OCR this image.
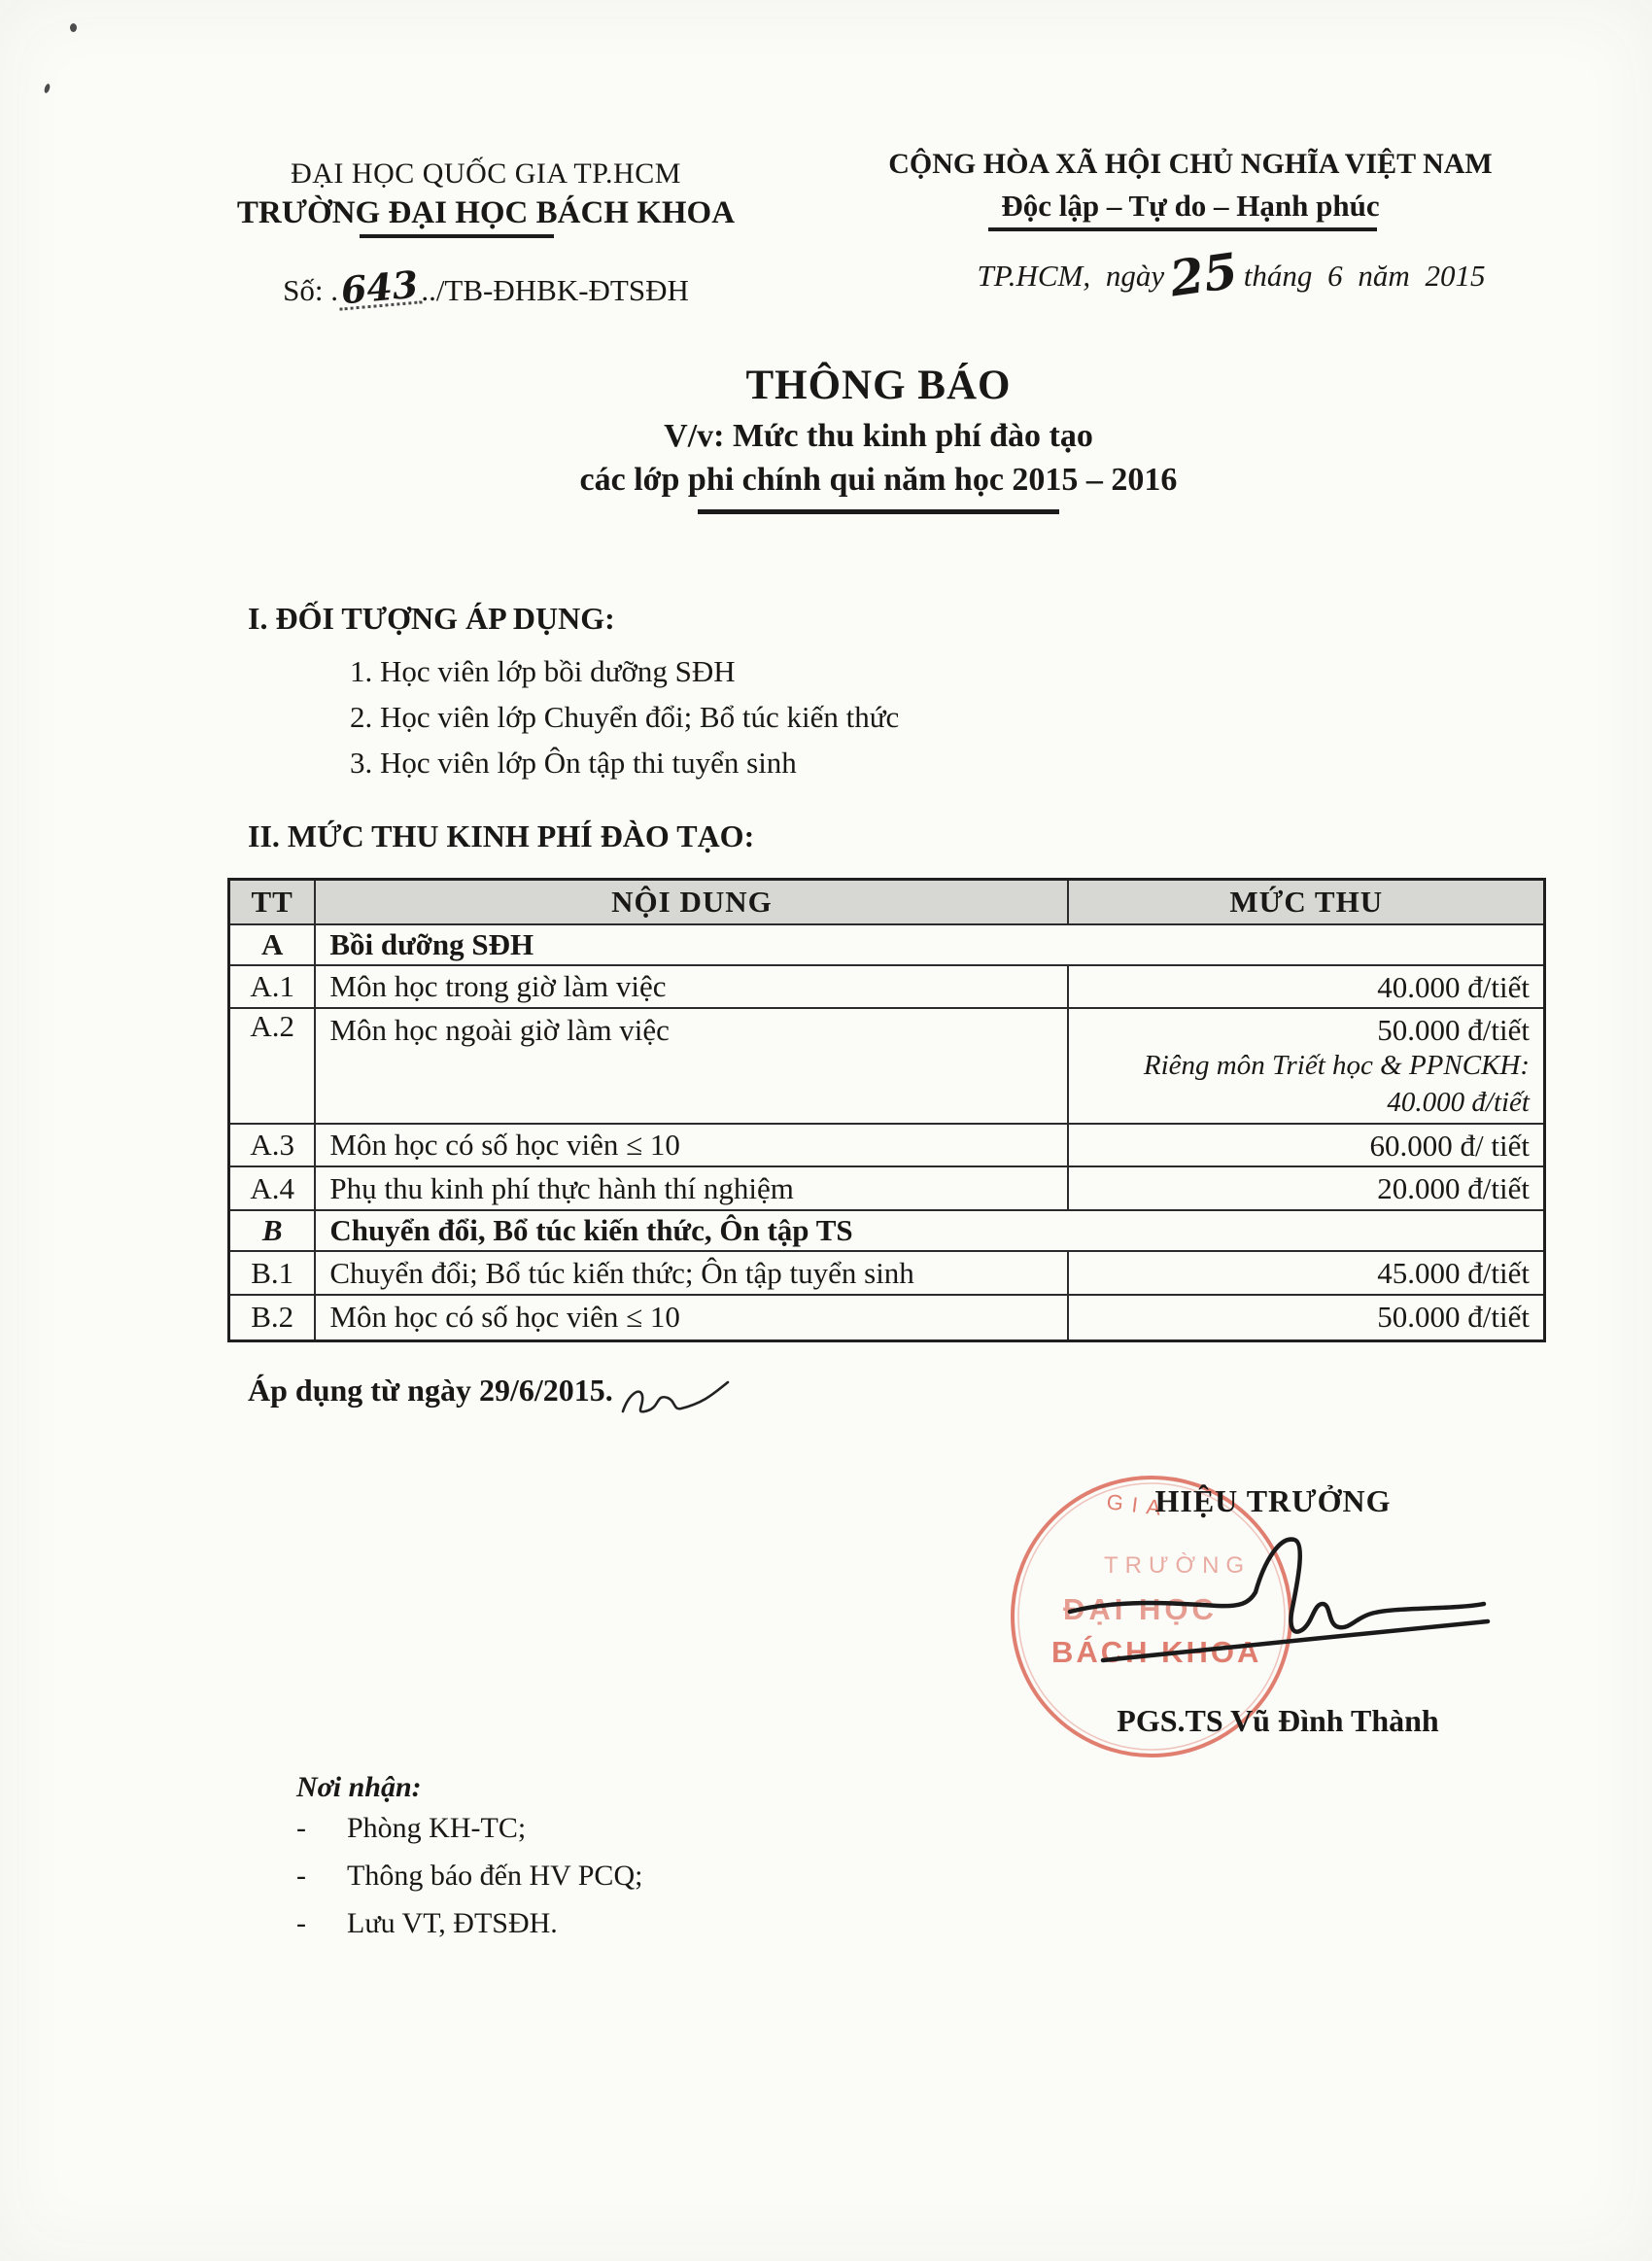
ĐẠI HỌC QUỐC GIA TP.HCM
TRƯỜNG ĐẠI HỌC BÁCH KHOA
Số: .643../TB-ĐHBK-ĐTSĐH
CỘNG HÒA XÃ HỘI CHỦ NGHĨA VIỆT NAM
Độc lập – Tự do – Hạnh phúc
TP.HCM, ngày25tháng 6 năm 2015
THÔNG BÁO
V/v: Mức thu kinh phí đào tạo
các lớp phi chính qui năm học 2015 – 2016
I. ĐỐI TƯỢNG ÁP DỤNG:
1. Học viên lớp bồi dưỡng SĐH
2. Học viên lớp Chuyển đổi; Bổ túc kiến thức
3. Học viên lớp Ôn tập thi tuyển sinh
II. MỨC THU KINH PHÍ ĐÀO TẠO:
TT	NỘI DUNG	MỨC THU
A	Bồi dưỡng SĐH	
A.1	Môn học trong giờ làm việc	40.000 đ/tiết
A.2	Môn học ngoài giờ làm việc	50.000 đ/tiết
Riêng môn Triết học & PPNCKH:
40.000 đ/tiết

A.3	Môn học có số học viên ≤ 10	60.000 đ/ tiết
A.4	Phụ thu kinh phí thực hành thí nghiệm	20.000 đ/tiết
B	Chuyển đổi, Bổ túc kiến thức, Ôn tập TS	
B.1	Chuyển đổi; Bổ túc kiến thức; Ôn tập tuyển sinh	45.000 đ/tiết
B.2	Môn học có số học viên ≤ 10	50.000 đ/tiết
Áp dụng từ ngày 29/6/2015.
GIA
TRƯỜNG
ĐẠI HỌC
BÁCH KHOA
HIỆU TRƯỞNG
PGS.TS Vũ Đình Thành
Nơi nhận:
-	Phòng KH-TC;
-	Thông báo đến HV PCQ;
-	Lưu VT, ĐTSĐH.
